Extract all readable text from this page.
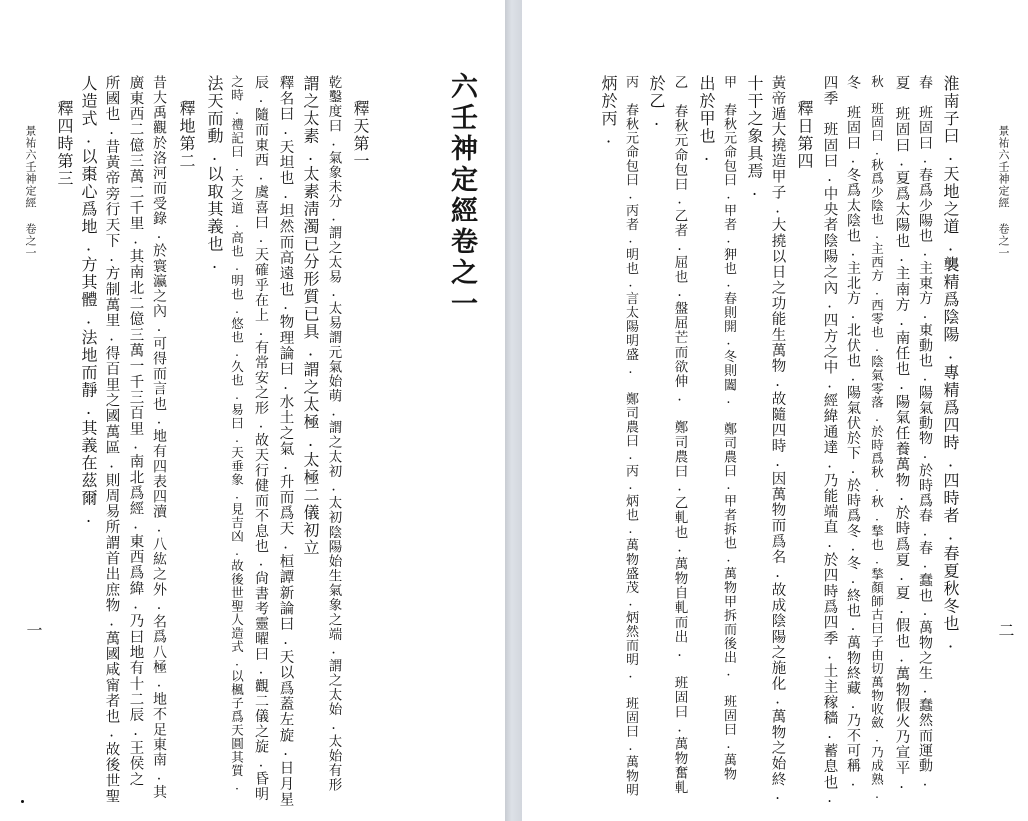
景祐六壬神定經 卷之一
一
釋四時第三 人造式.以棗心爲地.方其體.法地而靜.其義在茲爾. 所國也.昔黃帝旁行天下.方制萬里.得百里之國萬區.則周易所謂首出庶物.萬國咸甯者也.故後世聖 廣東西二億三萬二千里.其南北二億三萬一千三百里.南北爲經.東西爲緯.乃曰地有十二辰.王侯之 昔大禹觀於洛河而受錄.於寰瀛之內.可得而言也.地有四表四瀆.八紘之外.名爲八極.地不足東南.其 釋地第二 法天而動.以取其義也. 之時.禮記曰.天之道.高也.明也.悠也.久也.易曰.天垂象.見吉凶.故後世聖人造式.以楓子爲天圓其質. 辰.隨而東西.虞喜曰.天確乎在上.有常安之形.故天行健而不息也.尙書考靈曜曰.觀二儀之旋.昏明 釋名曰.天坦也.坦然而高遠也.物理論曰.水土之氣.升而爲天.桓譚新論曰.天以爲蓋左旋.日月星 謂之太素.太素淸濁已分形質已具.謂之太極.太極二儀初立 乾鑿度曰.氣象未分.謂之太易.太易謂元氣始萌.謂之太初.太初陰陽始生氣象之端.謂之太始.太始有形 釋天第一	六壬神定經卷之一
二
景祐六壬神定經 卷之一
炳於丙. 丙　春秋元命包曰.丙者.明也.言太陽明盛.　鄭司農曰.丙.炳也.萬物盛茂.炳然而明.　班固曰.萬物明 於乙. 乙　春秋元命包曰.乙者.屈也.盤屈芒而欲伸.　鄭司農曰.乙軋也.萬物自軋而出.　班固曰.萬物奮軋 出於甲也. 甲　春秋元命包曰.甲者.狎也.春則開.冬則闔.　鄭司農曰.甲者拆也.萬物甲拆而後出.　班固曰.萬物 十干之象具焉. 黃帝遁大撓造甲子.大撓以日之功能生萬物.故隨四時.因萬物而爲名.故成陰陽之施化.萬物之始終. 釋日第四 四季　班固曰.中央者陰陽之內.四方之中.經緯通達.乃能端直.於四時爲四季.土主稼穡.蓄息也. 冬　班固曰.冬爲太陰也.主北方.北伏也.陽氣伏於下.於時爲冬.冬.終也.萬物終藏.乃不可稱. 秋　班固曰.秋爲少陰也.主西方.西零也.陰氣零落.於時爲秋.秋.揫也.揫顏師古曰子由切萬物收斂.乃成熟. 夏　班固曰.夏爲太陽也.主南方.南任也.陽氣任養萬物.於時爲夏.夏.假也.萬物假火乃宣平. 春　班固曰.春爲少陽也.主東方.東動也.陽氣動物.於時爲春.春.蠢也.萬物之生.蠢然而運動. 淮南子曰.天地之道.襲精爲陰陽.專精爲四時.四時者.春夏秋冬也.
